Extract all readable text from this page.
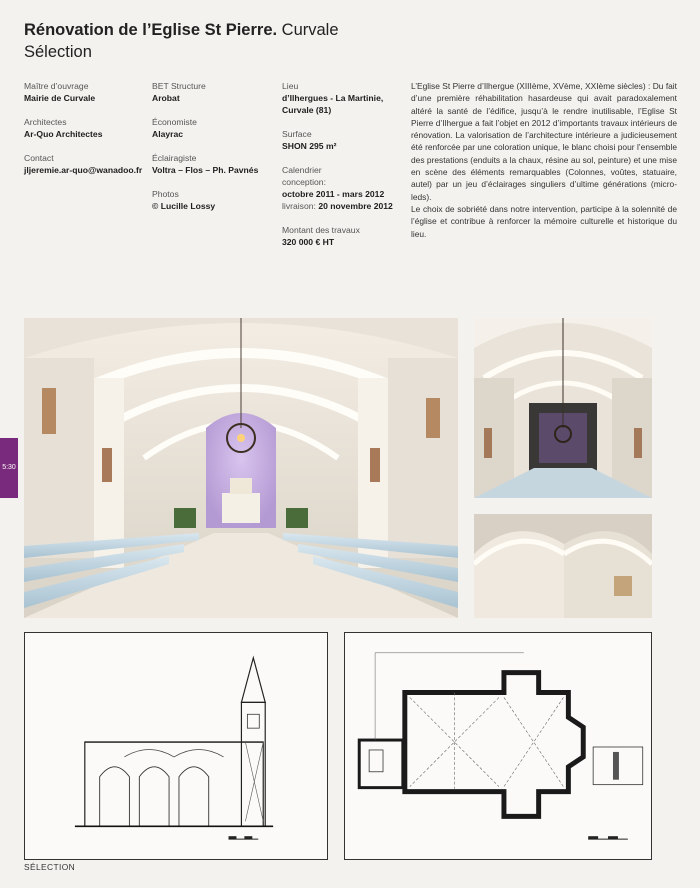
Rénovation de l’Eglise St Pierre. Curvale
Sélection
Maître d’ouvrage
Mairie de Curvale
Architectes
Ar-Quo Architectes
Contact
jljeremie.ar-quo@wanadoo.fr
BET Structure
Arobat
Économiste
Alayrac
Éclairagiste
Voltra – Flos – Ph. Pavnés
Photos
© Lucille Lossy
Lieu
d’Ilhergues - La Martinie, Curvale (81)
Surface
SHON 295 m²
Calendrier
conception:
octobre 2011 - mars 2012
livraison: 20 novembre 2012
Montant des travaux
320 000 € HT

L’Eglise St Pierre d’Ilhergue (XIIIème, XVème, XXIème siècles) : Du fait d’une première réhabilitation hasardeuse qui avait paradoxalement altéré la santé de l’édifice, jusqu’à le rendre inutilisable, l’Eglise St Pierre d’Ilhergue a fait l’objet en 2012 d’importants travaux intérieurs de rénovation. La valorisation de l’architecture intérieure a judicieusement été renforcée par une coloration unique, le blanc choisi pour l’ensemble des prestations (enduits a la chaux, résine au sol, peinture) et une mise en scène des éléments remarquables (Colonnes, voûtes, statuaire, autel) par un jeu d’éclairages singuliers d’ultime générations (micro-leds).

Le choix de sobriété dans notre intervention, participe à la solennité de l’église et contribue à renforcer la mémoire culturelle et historique du lieu.

5:30
SÉLECTION
